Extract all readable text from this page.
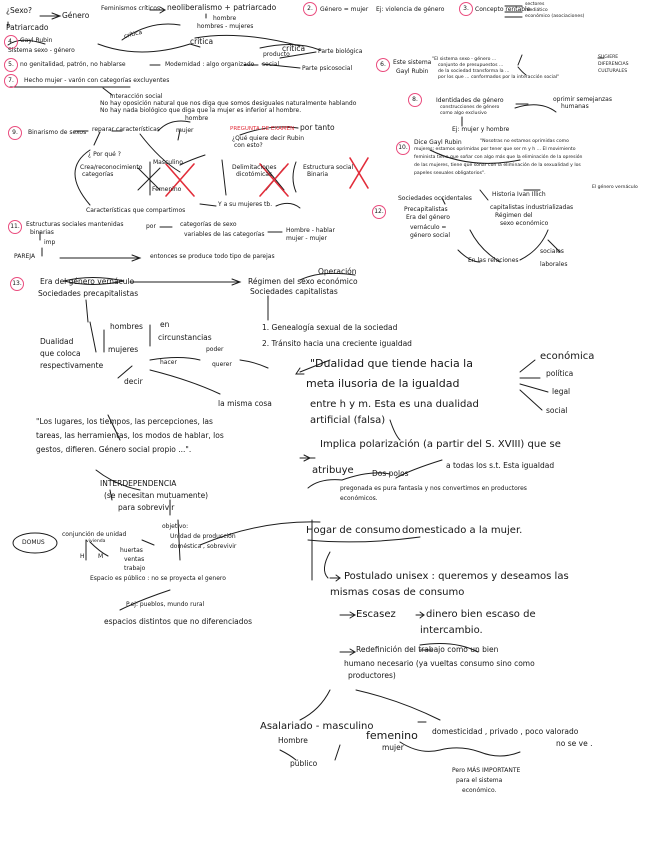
¿Sexo?
Género
Patriarcado
Feminismos críticos neoliberalismo + patriarcado
hombre
hombres - mujeres
2.	Género = mujer Ej: violencia de género	3.	Concepto rentable
sectores
mediático
económico (asociaciones)
4.	Gayl Rubin
Sistema sexo - género
crítica
crítica
crítica
producto	Parte biológica
5.	no genitalidad, patrón, no hablarse	Modernidad : algo organizado social
Parte psicosocial
6.	Este sistema
Gayl Rubin
"El sistema sexo - género ...
conjunto de presupuestos ...
de la sociedad transforma la ...
por los que ... conformados por la interacción social"
SUGIERE
DIFERENCIAS
CULTURALES
7.	Hecho mujer - varón con categorías excluyentes
interacción social
No hay oposición natural que nos diga que somos desiguales naturalmente hablando
No hay nada biológico que diga que la mujer es inferior al hombre.
8.	Identidades de género
construcciones de género
como algo exclusivo
oprimir semejanzas
humanas
Ej: mujer y hombre
9.	Binarismo de sexos reparar características
hombre
mujer	PREGUNTA DE EXAMEN
¿Qué quiere decir Rubin
con esto?
por tanto
¿ Por qué ?
Crea/reconocimiento
categorías
Masculino
Femenino
Delimitaciones
dicotómicas
Estructura social
Binaria
Características que compartimos
Y a su mujeres tb.
10.
Dice Gayl Rubin	"Nosotras no estamos oprimidas como
mujeres; estamos oprimidas por tener que ser m y h ... El movimiento
feminista tiene que soñar con algo más que la eliminación de la opresión
de las mujeres, tiene que soñar con la eliminación de la sexualidad y los
papeles sexuales obligatorios".
12.
Sociedades occidentales
Precapitalistas
Era del género
vernáculo =
género social
Historia Ivan Illich
El género vernáculo
capitalistas industrializadas
Régimen del
sexo económico
sociales
laborales
En las relaciones
11.	Estructuras sociales mantenidas	por
binarias
imp
PAREJA
categorías de sexo
variables de las categorías
Hombre - hablar
mujer - mujer
entonces se produce todo tipo de parejas
13. Era del género vernáculo
Sociedades precapitalistas
Régimen del sexo económico
Sociedades capitalistas
Operación
Dualidad
que coloca
respectivamente
hombres
mujeres
en
circunstancias
poder
hacer	querer
decir
la misma cosa
1. Genealogía sexual de la sociedad
2. Tránsito hacia una creciente igualdad
"Los lugares, los tiempos, las percepciones, las
tareas, las herramientas, los modos de hablar, los
gestos, difieren. Género social propio ...".
INTERDEPENDENCIA
(se necesitan mutuamente)
para sobrevivir
"Dualidad que tiende hacia la
meta ilusoria de la igualdad
entre h y m. Esta es una dualidad
artificial (falsa)
económica
política
legal
social
Implica polarización (a partir del S. XVIII) que se
atribuye Dos polos
a todas los s.t. Esta igualdad
pregonada es pura fantasía y nos convertimos en productores
económicos.
DOMUS
conjunción de unidad
vivienda
objetivo:
Unidad de producción
doméstica , sobrevivir
H M
huertas
ventas
trabajo
Espacio es público : no se proyecta el genero
P.ej: pueblos, mundo rural
espacios distintos que no diferenciados
Hogar de consumo domesticado a la mujer.
Postulado unisex : queremos y deseamos las
mismas cosas de consumo
Escasez	dinero bien escaso de
intercambio.
Redefinición del trabajo como un bien
humano necesario (ya vueltas consumo sino como
productores)
Asalariado - masculino
Hombre
público
femenino
mujer
domesticidad , privado , poco valorado
no se ve .
Pero MÁS IMPORTANTE
para el sistema
económico.
